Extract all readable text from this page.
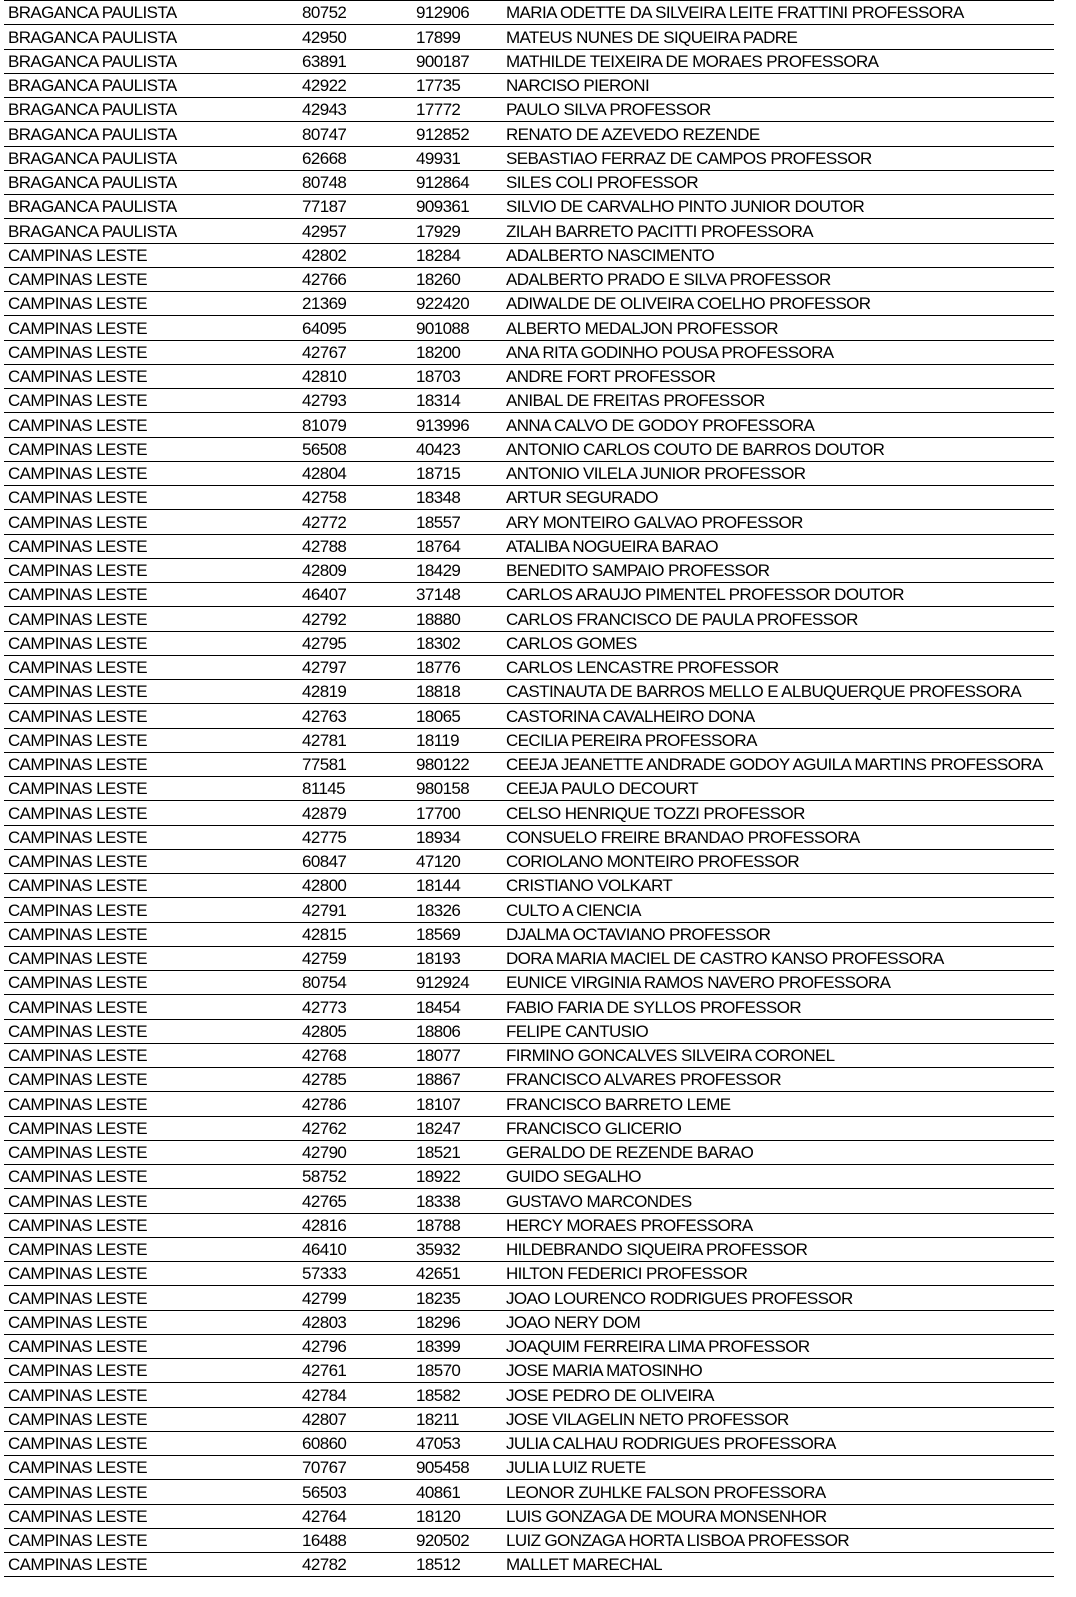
BRAGANCA PAULISTA	80752	912906	MARIA ODETTE DA SILVEIRA LEITE FRATTINI PROFESSORA
BRAGANCA PAULISTA	42950	17899	MATEUS NUNES DE SIQUEIRA PADRE
BRAGANCA PAULISTA	63891	900187	MATHILDE TEIXEIRA DE MORAES PROFESSORA
BRAGANCA PAULISTA	42922	17735	NARCISO PIERONI
BRAGANCA PAULISTA	42943	17772	PAULO SILVA PROFESSOR
BRAGANCA PAULISTA	80747	912852	RENATO DE AZEVEDO REZENDE
BRAGANCA PAULISTA	62668	49931	SEBASTIAO FERRAZ DE CAMPOS PROFESSOR
BRAGANCA PAULISTA	80748	912864	SILES COLI PROFESSOR
BRAGANCA PAULISTA	77187	909361	SILVIO DE CARVALHO PINTO JUNIOR DOUTOR
BRAGANCA PAULISTA	42957	17929	ZILAH BARRETO PACITTI PROFESSORA
CAMPINAS LESTE	42802	18284	ADALBERTO NASCIMENTO
CAMPINAS LESTE	42766	18260	ADALBERTO PRADO E SILVA PROFESSOR
CAMPINAS LESTE	21369	922420	ADIWALDE DE OLIVEIRA COELHO PROFESSOR
CAMPINAS LESTE	64095	901088	ALBERTO MEDALJON PROFESSOR
CAMPINAS LESTE	42767	18200	ANA RITA GODINHO POUSA PROFESSORA
CAMPINAS LESTE	42810	18703	ANDRE FORT PROFESSOR
CAMPINAS LESTE	42793	18314	ANIBAL DE FREITAS PROFESSOR
CAMPINAS LESTE	81079	913996	ANNA CALVO DE GODOY PROFESSORA
CAMPINAS LESTE	56508	40423	ANTONIO CARLOS COUTO DE BARROS DOUTOR
CAMPINAS LESTE	42804	18715	ANTONIO VILELA JUNIOR PROFESSOR
CAMPINAS LESTE	42758	18348	ARTUR SEGURADO
CAMPINAS LESTE	42772	18557	ARY MONTEIRO GALVAO PROFESSOR
CAMPINAS LESTE	42788	18764	ATALIBA NOGUEIRA BARAO
CAMPINAS LESTE	42809	18429	BENEDITO SAMPAIO PROFESSOR
CAMPINAS LESTE	46407	37148	CARLOS ARAUJO PIMENTEL PROFESSOR DOUTOR
CAMPINAS LESTE	42792	18880	CARLOS FRANCISCO DE PAULA PROFESSOR
CAMPINAS LESTE	42795	18302	CARLOS GOMES
CAMPINAS LESTE	42797	18776	CARLOS LENCASTRE PROFESSOR
CAMPINAS LESTE	42819	18818	CASTINAUTA DE BARROS MELLO E ALBUQUERQUE PROFESSORA
CAMPINAS LESTE	42763	18065	CASTORINA CAVALHEIRO DONA
CAMPINAS LESTE	42781	18119	CECILIA PEREIRA PROFESSORA
CAMPINAS LESTE	77581	980122	CEEJA JEANETTE ANDRADE GODOY AGUILA MARTINS PROFESSORA
CAMPINAS LESTE	81145	980158	CEEJA PAULO DECOURT
CAMPINAS LESTE	42879	17700	CELSO HENRIQUE TOZZI PROFESSOR
CAMPINAS LESTE	42775	18934	CONSUELO FREIRE BRANDAO PROFESSORA
CAMPINAS LESTE	60847	47120	CORIOLANO MONTEIRO PROFESSOR
CAMPINAS LESTE	42800	18144	CRISTIANO VOLKART
CAMPINAS LESTE	42791	18326	CULTO A CIENCIA
CAMPINAS LESTE	42815	18569	DJALMA OCTAVIANO PROFESSOR
CAMPINAS LESTE	42759	18193	DORA MARIA MACIEL DE CASTRO KANSO PROFESSORA
CAMPINAS LESTE	80754	912924	EUNICE VIRGINIA RAMOS NAVERO PROFESSORA
CAMPINAS LESTE	42773	18454	FABIO FARIA DE SYLLOS PROFESSOR
CAMPINAS LESTE	42805	18806	FELIPE CANTUSIO
CAMPINAS LESTE	42768	18077	FIRMINO GONCALVES SILVEIRA CORONEL
CAMPINAS LESTE	42785	18867	FRANCISCO ALVARES PROFESSOR
CAMPINAS LESTE	42786	18107	FRANCISCO BARRETO LEME
CAMPINAS LESTE	42762	18247	FRANCISCO GLICERIO
CAMPINAS LESTE	42790	18521	GERALDO DE REZENDE BARAO
CAMPINAS LESTE	58752	18922	GUIDO SEGALHO
CAMPINAS LESTE	42765	18338	GUSTAVO MARCONDES
CAMPINAS LESTE	42816	18788	HERCY MORAES PROFESSORA
CAMPINAS LESTE	46410	35932	HILDEBRANDO SIQUEIRA PROFESSOR
CAMPINAS LESTE	57333	42651	HILTON FEDERICI PROFESSOR
CAMPINAS LESTE	42799	18235	JOAO LOURENCO RODRIGUES PROFESSOR
CAMPINAS LESTE	42803	18296	JOAO NERY DOM
CAMPINAS LESTE	42796	18399	JOAQUIM FERREIRA LIMA PROFESSOR
CAMPINAS LESTE	42761	18570	JOSE MARIA MATOSINHO
CAMPINAS LESTE	42784	18582	JOSE PEDRO DE OLIVEIRA
CAMPINAS LESTE	42807	18211	JOSE VILAGELIN NETO PROFESSOR
CAMPINAS LESTE	60860	47053	JULIA CALHAU RODRIGUES PROFESSORA
CAMPINAS LESTE	70767	905458	JULIA LUIZ RUETE
CAMPINAS LESTE	56503	40861	LEONOR ZUHLKE FALSON PROFESSORA
CAMPINAS LESTE	42764	18120	LUIS GONZAGA DE MOURA MONSENHOR
CAMPINAS LESTE	16488	920502	LUIZ GONZAGA HORTA LISBOA PROFESSOR
CAMPINAS LESTE	42782	18512	MALLET MARECHAL
